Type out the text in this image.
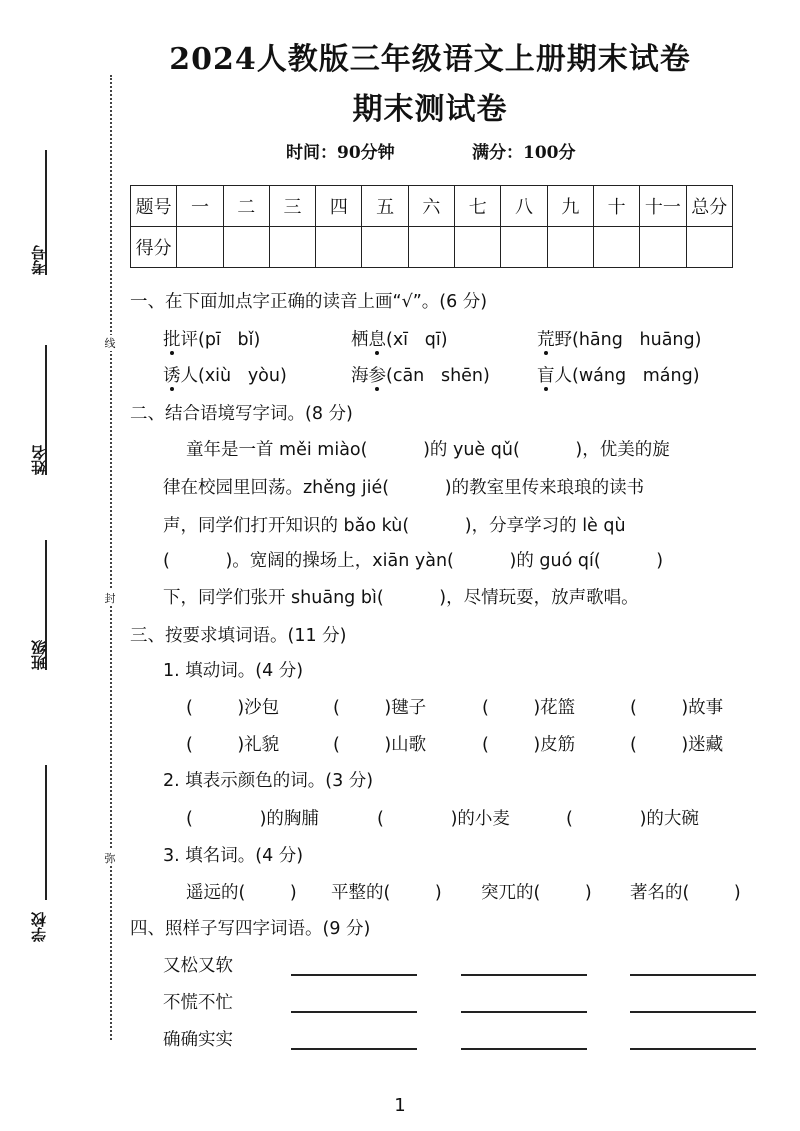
考号
姓名
班级
学校
线
封
弥
2024人教版三年级语文上册期末试卷
期末测试卷
时间：90分钟	满分：100分
题号	一	二	三	四	五	六	七	八	九	十	十一	总分
得分												
一、在下面加点字正确的读音上画“√”。(6 分)
批评(pī   bǐ)	栖息(xī   qī)	荒野(hāng   huāng)
诱人(xiù   yòu)	海参(cān   shēn)	盲人(wáng   máng)
二、结合语境写字词。(8 分)
童年是一首 měi miào(          )的 yuè qǔ(          )，优美的旋
律在校园里回荡。zhěng jié(          )的教室里传来琅琅的读书
声，同学们打开知识的 bǎo kù(          )，分享学习的 lè qù
(          )。宽阔的操场上，xiān yàn(          )的 guó qí(          )
下，同学们张开 shuāng bì(          )，尽情玩耍，放声歌唱。
三、按要求填词语。(11 分)
1. 填动词。(4 分)
(        )沙包	(        )毽子	(        )花篮	(        )故事
(        )礼貌	(        )山歌	(        )皮筋	(        )迷藏
2. 填表示颜色的词。(3 分)
(            )的胸脯	(            )的小麦	(            )的大碗
3. 填名词。(4 分)
遥远的(        ) 平整的(        ) 突兀的(        ) 著名的(        )
四、照样子写四字词语。(9 分)
又松又软
不慌不忙
确确实实
1
